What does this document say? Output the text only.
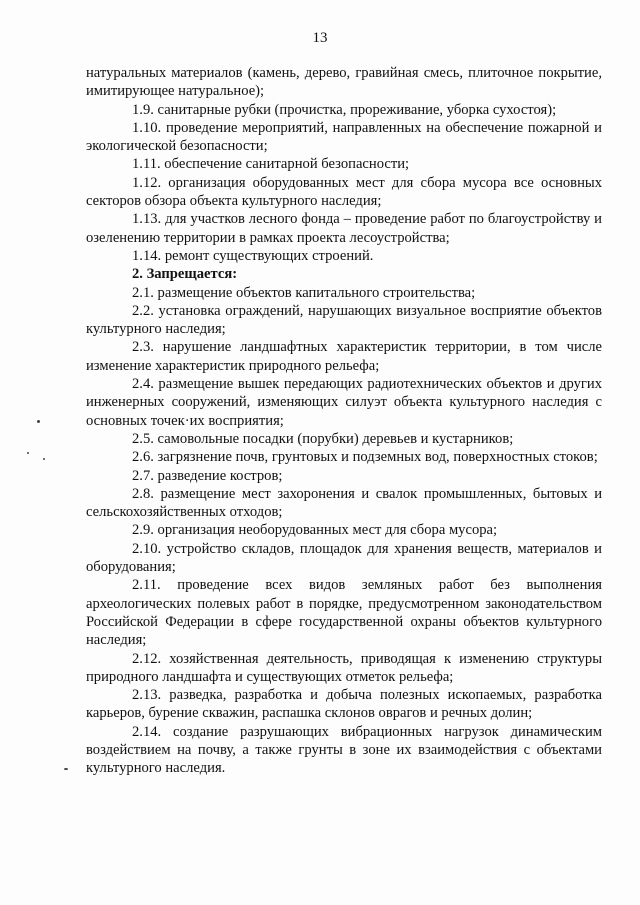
13

натуральных материалов (камень, дерево, гравийная смесь, плиточное покрытие, имитирующее натуральное);

1.9. санитарные рубки (прочистка, прореживание, уборка сухостоя);

1.10. проведение мероприятий, направленных на обеспечение пожарной и экологической безопасности;

1.11. обеспечение санитарной безопасности;

1.12. организация оборудованных мест для сбора мусора все основных секторов обзора объекта культурного наследия;

1.13. для участков лесного фонда – проведение работ по благоустройству и озеленению территории в рамках проекта лесоустройства;

1.14. ремонт существующих строений.

2. Запрещается:

2.1. размещение объектов капитального строительства;

2.2. установка ограждений, нарушающих визуальное восприятие объектов культурного наследия;

2.3. нарушение ландшафтных характеристик территории, в том числе изменение характеристик природного рельефа;

2.4. размещение вышек передающих радиотехнических объектов и других инженерных сооружений, изменяющих силуэт объекта культурного наследия с основных точек·их восприятия;

2.5. самовольные посадки (порубки) деревьев и кустарников;

2.6. загрязнение почв, грунтовых и подземных вод, поверхностных стоков;

2.7. разведение костров;

2.8. размещение мест захоронения и свалок промышленных, бытовых и сельскохозяйственных отходов;

2.9. организация необорудованных мест для сбора мусора;

2.10. устройство складов, площадок для хранения веществ, материалов и оборудования;

2.11. проведение всех видов земляных работ без выполнения археологических полевых работ в порядке, предусмотренном законодательством Российской Федерации в сфере государственной охраны объектов культурного наследия;

2.12. хозяйственная деятельность, приводящая к изменению структуры природного ландшафта и существующих отметок рельефа;

2.13. разведка, разработка и добыча полезных ископаемых, разработка карьеров, бурение скважин, распашка склонов оврагов и речных долин;

2.14. создание разрушающих вибрационных нагрузок динамическим воздействием на почву, а также грунты в зоне их взаимодействия с объектами культурного наследия.
